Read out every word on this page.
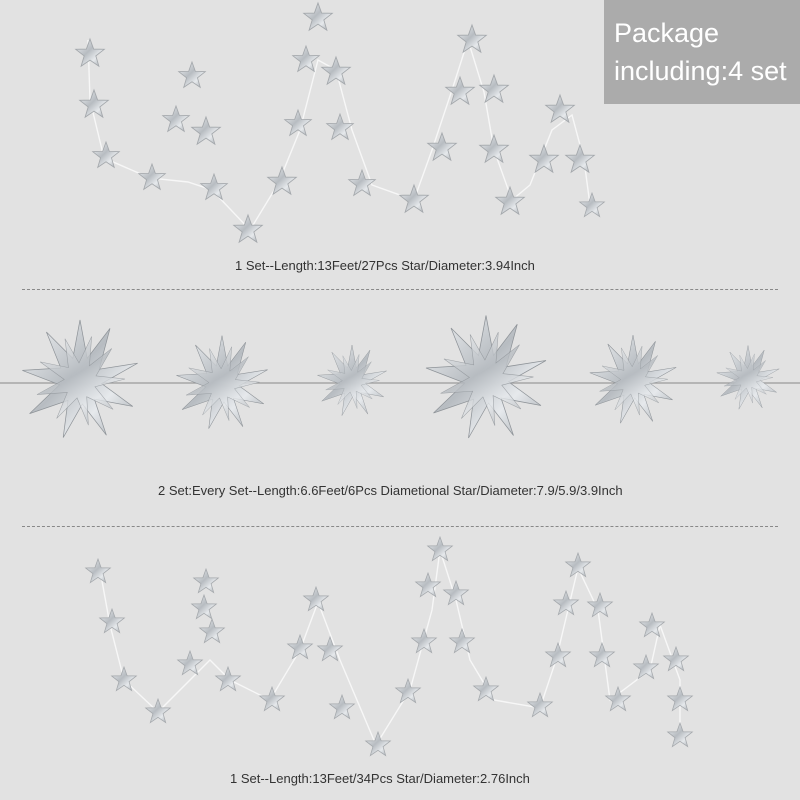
Package
including:4 set
1 Set--Length:13Feet/27Pcs Star/Diameter:3.94Inch
2 Set:Every Set--Length:6.6Feet/6Pcs Diametional Star/Diameter:7.9/5.9/3.9Inch
1 Set--Length:13Feet/34Pcs Star/Diameter:2.76Inch
